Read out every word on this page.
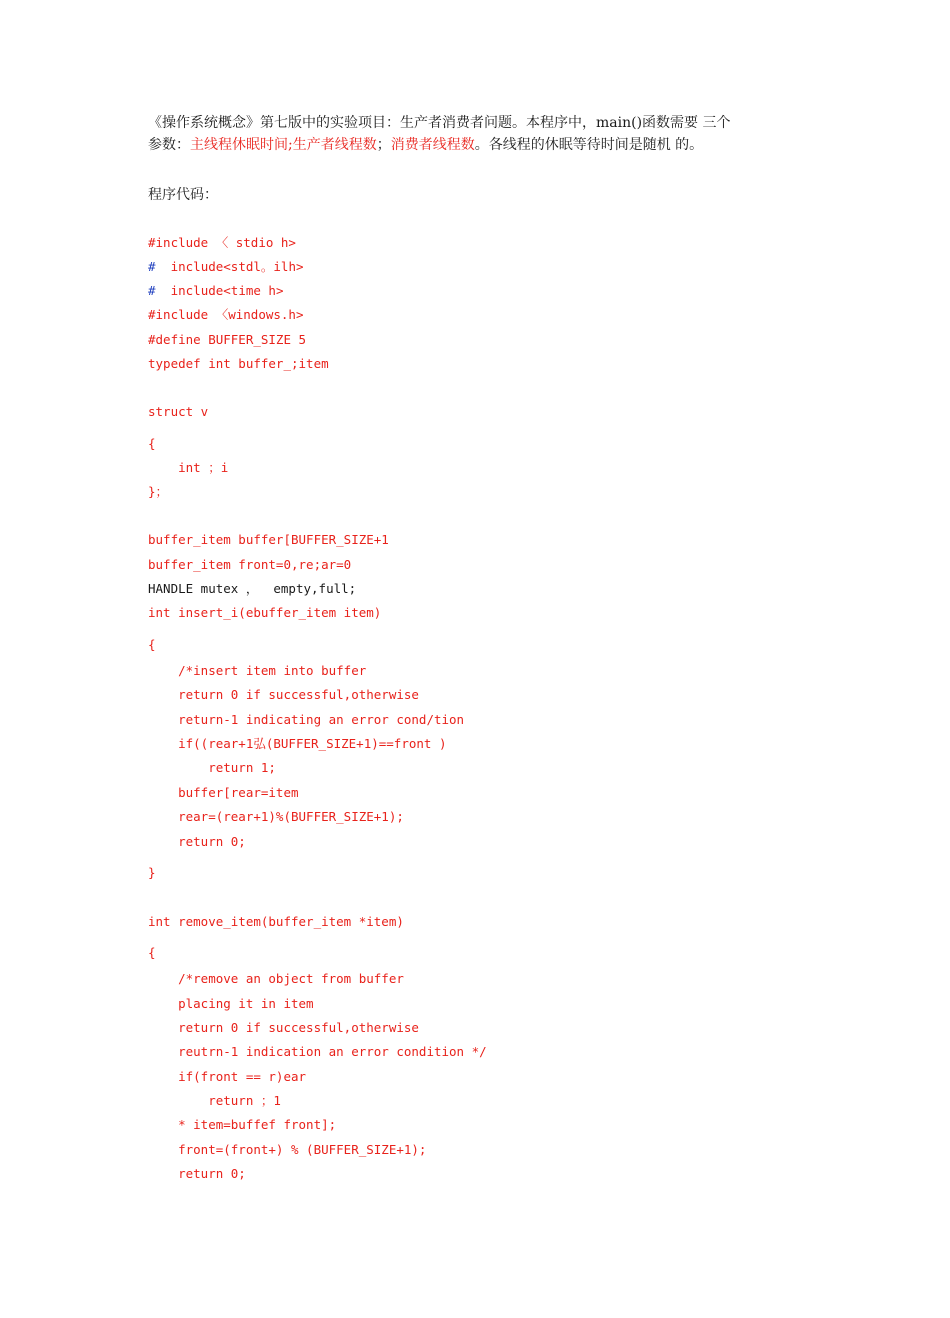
《操作系统概念》第七版中的实验项目：生产者消费者问题。本程序中，main()函数需要 三个
参数：主线程休眠时间;生产者线程数；消费者线程数。各线程的休眠等待时间是随机 的。
程序代码：
#include 〈 stdio h>
# include<stdl。ilh>
# include<time h>
#include 〈windows.h>
#define BUFFER_SIZE 5
typedef int buffer_;item
struct v
{
int ；i
}；
buffer_item buffer[BUFFER_SIZE+1
buffer_item front=0,re;ar=0
HANDLE mutex ，  empty,full;
int insert_i(ebuffer_item item)
{
/*insert item into buffer
return 0 if successful,otherwise
return-1 indicating an error cond/tion
if((rear+1弘(BUFFER_SIZE+1)==front )
return 1;
buffer[rear=item
rear=(rear+1)%(BUFFER_SIZE+1);
return 0;
}
int remove_item(buffer_item *item)
{
/*remove an object from buffer
placing it in item
return 0 if successful,otherwise
reutrn-1 indication an error condition */
if(front == r)ear
return ；1
* item=buffef front];
front=(front+) % (BUFFER_SIZE+1);
return 0;
